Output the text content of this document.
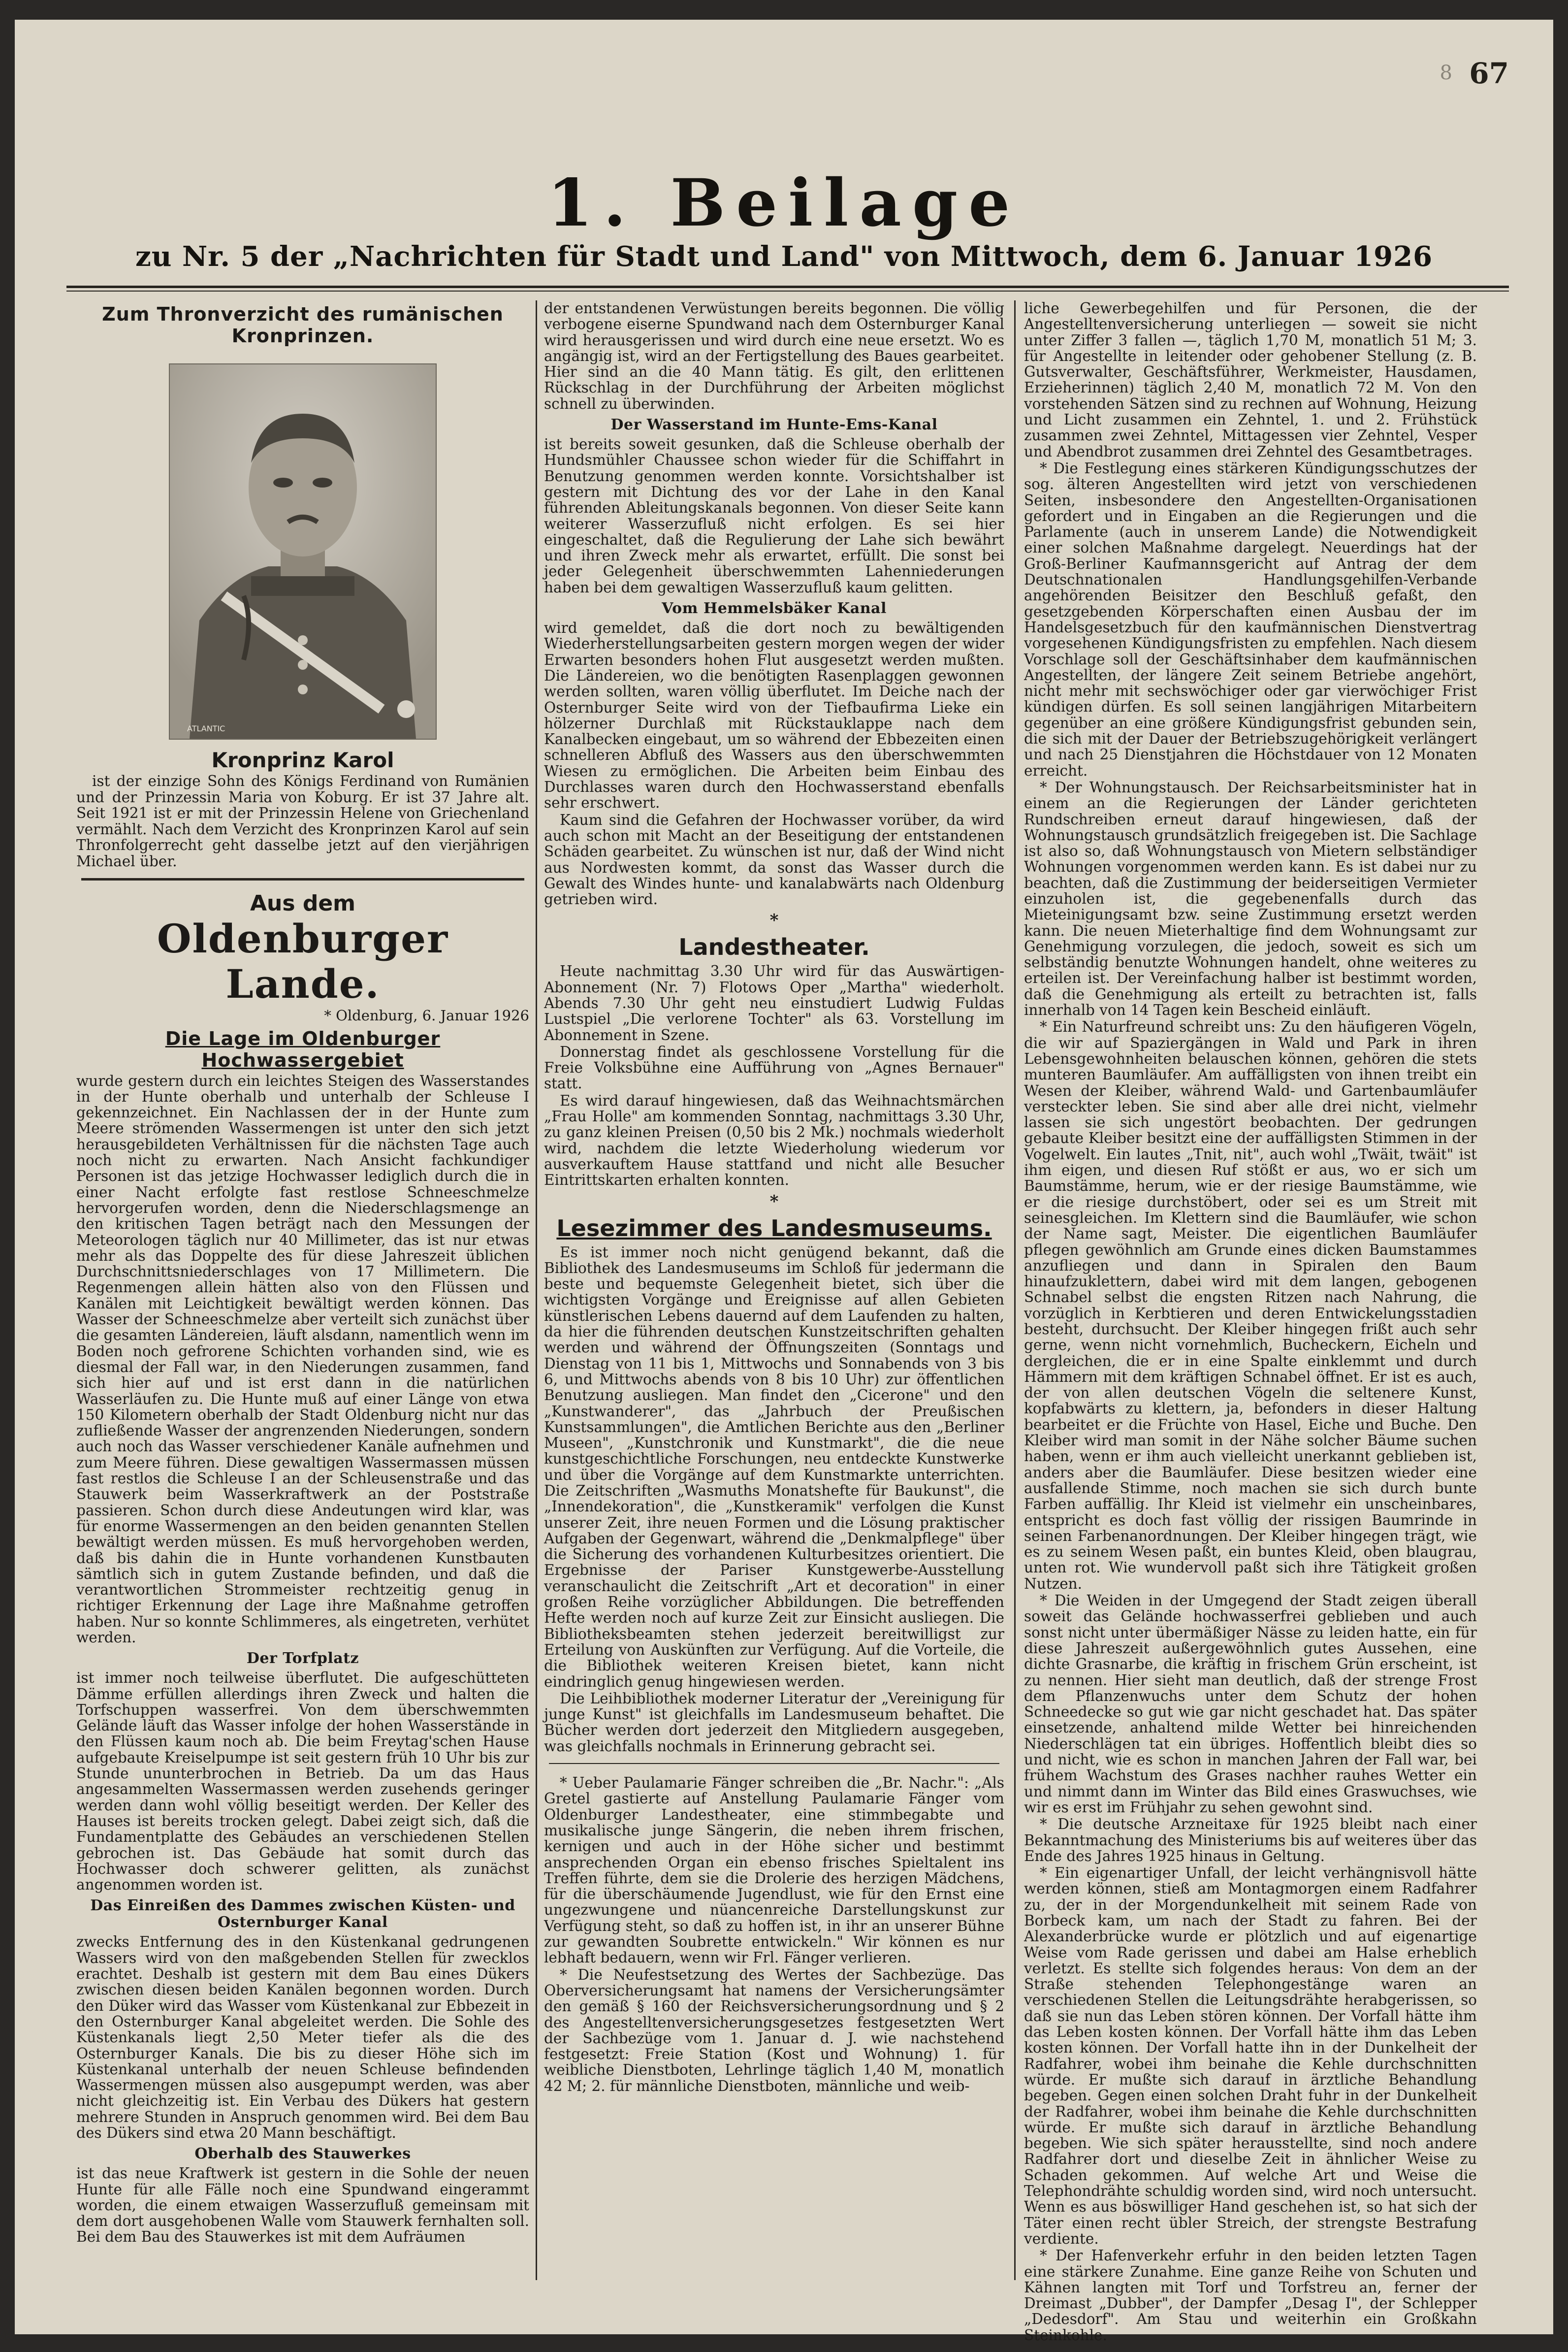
8 67
1. Beilage
zu Nr. 5 der „Nachrichten für Stadt und Land" von Mittwoch, dem 6. Januar 1926
Zum Thronverzicht des rumänischen Kronprinzen.
ATLANTIC
Kronprinz Karol

ist der einzige Sohn des Königs Ferdinand von Rumänien und der Prinzessin Maria von Koburg. Er ist 37 Jahre alt. Seit 1921 ist er mit der Prinzessin Helene von Griechenland vermählt. Nach dem Verzicht des Kronprinzen Karol auf sein Thronfolgerrecht geht dasselbe jetzt auf den vierjährigen Michael über.

Aus dem
Oldenburger Lande.
* Oldenburg, 6. Januar 1926
Die Lage im Oldenburger Hochwassergebiet

wurde gestern durch ein leichtes Steigen des Wasserstandes in der Hunte oberhalb und unterhalb der Schleuse I gekennzeichnet. Ein Nachlassen der in der Hunte zum Meere strömenden Wassermengen ist unter den sich jetzt herausgebildeten Verhältnissen für die nächsten Tage auch noch nicht zu erwarten. Nach Ansicht fachkundiger Personen ist das jetzige Hochwasser lediglich durch die in einer Nacht erfolgte fast restlose Schneeschmelze hervorgerufen worden, denn die Niederschlagsmenge an den kritischen Tagen beträgt nach den Messungen der Meteorologen täglich nur 40 Millimeter, das ist nur etwas mehr als das Doppelte des für diese Jahreszeit üblichen Durchschnittsniederschlages von 17 Millimetern. Die Regenmengen allein hätten also von den Flüssen und Kanälen mit Leichtigkeit bewältigt werden können. Das Wasser der Schneeschmelze aber verteilt sich zunächst über die gesamten Ländereien, läuft alsdann, namentlich wenn im Boden noch gefrorene Schichten vorhanden sind, wie es diesmal der Fall war, in den Niederungen zusammen, fand sich hier auf und ist erst dann in die natürlichen Wasserläufen zu. Die Hunte muß auf einer Länge von etwa 150 Kilometern oberhalb der Stadt Oldenburg nicht nur das zufließende Wasser der angrenzenden Niederungen, sondern auch noch das Wasser verschiedener Kanäle aufnehmen und zum Meere führen. Diese gewaltigen Wassermassen müssen fast restlos die Schleuse I an der Schleusenstraße und das Stauwerk beim Wasserkraftwerk an der Poststraße passieren. Schon durch diese Andeutungen wird klar, was für enorme Wassermengen an den beiden genannten Stellen bewältigt werden müssen. Es muß hervorgehoben werden, daß bis dahin die in Hunte vorhandenen Kunstbauten sämtlich sich in gutem Zustande befinden, und daß die verantwortlichen Strommeister rechtzeitig genug in richtiger Erkennung der Lage ihre Maßnahme getroffen haben. Nur so konnte Schlimmeres, als eingetreten, verhütet werden.

Der Torfplatz

ist immer noch teilweise überflutet. Die aufgeschütteten Dämme erfüllen allerdings ihren Zweck und halten die Torfschuppen wasserfrei. Von dem überschwemmten Gelände läuft das Wasser infolge der hohen Wasserstände in den Flüssen kaum noch ab. Die beim Freytag'schen Hause aufgebaute Kreiselpumpe ist seit gestern früh 10 Uhr bis zur Stunde ununterbrochen in Betrieb. Da um das Haus angesammelten Wassermassen werden zusehends geringer werden dann wohl völlig beseitigt werden. Der Keller des Hauses ist bereits trocken gelegt. Dabei zeigt sich, daß die Fundamentplatte des Gebäudes an verschiedenen Stellen gebrochen ist. Das Gebäude hat somit durch das Hochwasser doch schwerer gelitten, als zunächst angenommen worden ist.

Das Einreißen des Dammes zwischen Küsten- und Osternburger Kanal

zwecks Entfernung des in den Küstenkanal gedrungenen Wassers wird von den maßgebenden Stellen für zwecklos erachtet. Deshalb ist gestern mit dem Bau eines Dükers zwischen diesen beiden Kanälen begonnen worden. Durch den Düker wird das Wasser vom Küstenkanal zur Ebbezeit in den Osternburger Kanal abgeleitet werden. Die Sohle des Küstenkanals liegt 2,50 Meter tiefer als die des Osternburger Kanals. Die bis zu dieser Höhe sich im Küstenkanal unterhalb der neuen Schleuse befindenden Wassermengen müssen also ausgepumpt werden, was aber nicht gleichzeitig ist. Ein Verbau des Dükers hat gestern mehrere Stunden in Anspruch genommen wird. Bei dem Bau des Dükers sind etwa 20 Mann beschäftigt.

Oberhalb des Stauwerkes

ist das neue Kraftwerk ist gestern in die Sohle der neuen Hunte für alle Fälle noch eine Spundwand eingerammt worden, die einem etwaigen Wasserzufluß gemeinsam mit dem dort ausgehobenen Walle vom Stauwerk fernhalten soll. Bei dem Bau des Stauwerkes ist mit dem Aufräumen

der entstandenen Verwüstungen bereits begonnen. Die völlig verbogene eiserne Spundwand nach dem Osternburger Kanal wird herausgerissen und wird durch eine neue ersetzt. Wo es angängig ist, wird an der Fertigstellung des Baues gearbeitet. Hier sind an die 40 Mann tätig. Es gilt, den erlittenen Rückschlag in der Durchführung der Arbeiten möglichst schnell zu überwinden.

Der Wasserstand im Hunte-Ems-Kanal

ist bereits soweit gesunken, daß die Schleuse oberhalb der Hundsmühler Chaussee schon wieder für die Schiffahrt in Benutzung genommen werden konnte. Vorsichtshalber ist gestern mit Dichtung des vor der Lahe in den Kanal führenden Ableitungskanals begonnen. Von dieser Seite kann weiterer Wasserzufluß nicht erfolgen. Es sei hier eingeschaltet, daß die Regulierung der Lahe sich bewährt und ihren Zweck mehr als erwartet, erfüllt. Die sonst bei jeder Gelegenheit überschwemmten Lahenniederungen haben bei dem gewaltigen Wasserzufluß kaum gelitten.

Vom Hemmelsbäker Kanal

wird gemeldet, daß die dort noch zu bewältigenden Wiederherstellungsarbeiten gestern morgen wegen der wider Erwarten besonders hohen Flut ausgesetzt werden mußten. Die Ländereien, wo die benötigten Rasenplaggen gewonnen werden sollten, waren völlig überflutet. Im Deiche nach der Osternburger Seite wird von der Tiefbaufirma Lieke ein hölzerner Durchlaß mit Rückstauklappe nach dem Kanalbecken eingebaut, um so während der Ebbezeiten einen schnelleren Abfluß des Wassers aus den überschwemmten Wiesen zu ermöglichen. Die Arbeiten beim Einbau des Durchlasses waren durch den Hochwasserstand ebenfalls sehr erschwert.

Kaum sind die Gefahren der Hochwasser vorüber, da wird auch schon mit Macht an der Beseitigung der entstandenen Schäden gearbeitet. Zu wünschen ist nur, daß der Wind nicht aus Nordwesten kommt, da sonst das Wasser durch die Gewalt des Windes hunte- und kanalabwärts nach Oldenburg getrieben wird.

*
Landestheater.

Heute nachmittag 3.30 Uhr wird für das Auswärtigen-Abonnement (Nr. 7) Flotows Oper „Martha" wiederholt. Abends 7.30 Uhr geht neu einstudiert Ludwig Fuldas Lustspiel „Die verlorene Tochter" als 63. Vorstellung im Abonnement in Szene.

Donnerstag findet als geschlossene Vorstellung für die Freie Volksbühne eine Aufführung von „Agnes Bernauer" statt.

Es wird darauf hingewiesen, daß das Weihnachtsmärchen „Frau Holle" am kommenden Sonntag, nachmittags 3.30 Uhr, zu ganz kleinen Preisen (0,50 bis 2 Mk.) nochmals wiederholt wird, nachdem die letzte Wiederholung wiederum vor ausverkauftem Hause stattfand und nicht alle Besucher Eintrittskarten erhalten konnten.

*
Lesezimmer des Landesmuseums.

Es ist immer noch nicht genügend bekannt, daß die Bibliothek des Landesmuseums im Schloß für jedermann die beste und bequemste Gelegenheit bietet, sich über die wichtigsten Vorgänge und Ereignisse auf allen Gebieten künstlerischen Lebens dauernd auf dem Laufenden zu halten, da hier die führenden deutschen Kunstzeitschriften gehalten werden und während der Öffnungszeiten (Sonntags und Dienstag von 11 bis 1, Mittwochs und Sonnabends von 3 bis 6, und Mittwochs abends von 8 bis 10 Uhr) zur öffentlichen Benutzung ausliegen. Man findet den „Cicerone" und den „Kunstwanderer", das „Jahrbuch der Preußischen Kunstsammlungen", die Amtlichen Berichte aus den „Berliner Museen", „Kunstchronik und Kunstmarkt", die die neue kunstgeschichtliche Forschungen, neu entdeckte Kunstwerke und über die Vorgänge auf dem Kunstmarkte unterrichten. Die Zeitschriften „Wasmuths Monatshefte für Baukunst", die „Innendekoration", die „Kunstkeramik" verfolgen die Kunst unserer Zeit, ihre neuen Formen und die Lösung praktischer Aufgaben der Gegenwart, während die „Denkmalpflege" über die Sicherung des vorhandenen Kulturbesitzes orientiert. Die Ergebnisse der Pariser Kunstgewerbe-Ausstellung veranschaulicht die Zeitschrift „Art et decoration" in einer großen Reihe vorzüglicher Abbildungen. Die betreffenden Hefte werden noch auf kurze Zeit zur Einsicht ausliegen. Die Bibliotheksbeamten stehen jederzeit bereitwilligst zur Erteilung von Auskünften zur Verfügung. Auf die Vorteile, die die Bibliothek weiteren Kreisen bietet, kann nicht eindringlich genug hingewiesen werden.

Die Leihbibliothek moderner Literatur der „Vereinigung für junge Kunst" ist gleichfalls im Landesmuseum behaftet. Die Bücher werden dort jederzeit den Mitgliedern ausgegeben, was gleichfalls nochmals in Erinnerung gebracht sei.

* Ueber Paulamarie Fänger schreiben die „Br. Nachr.": „Als Gretel gastierte auf Anstellung Paulamarie Fänger vom Oldenburger Landestheater, eine stimmbegabte und musikalische junge Sängerin, die neben ihrem frischen, kernigen und auch in der Höhe sicher und bestimmt ansprechenden Organ ein ebenso frisches Spieltalent ins Treffen führte, dem sie die Drolerie des herzigen Mädchens, für die überschäumende Jugendlust, wie für den Ernst eine ungezwungene und nüancenreiche Darstellungskunst zur Verfügung steht, so daß zu hoffen ist, in ihr an unserer Bühne zur gewandten Soubrette entwickeln." Wir können es nur lebhaft bedauern, wenn wir Frl. Fänger verlieren.

* Die Neufestsetzung des Wertes der Sachbezüge. Das Oberversicherungsamt hat namens der Versicherungsämter den gemäß § 160 der Reichsversicherungsordnung und § 2 des Angestelltenversicherungsgesetzes festgesetzten Wert der Sachbezüge vom 1. Januar d. J. wie nachstehend festgesetzt: Freie Station (Kost und Wohnung) 1. für weibliche Dienstboten, Lehrlinge täglich 1,40 M, monatlich 42 M; 2. für männliche Dienstboten, männliche und weib-

liche Gewerbegehilfen und für Personen, die der Angestelltenversicherung unterliegen — soweit sie nicht unter Ziffer 3 fallen —, täglich 1,70 M, monatlich 51 M; 3. für Angestellte in leitender oder gehobener Stellung (z. B. Gutsverwalter, Geschäftsführer, Werkmeister, Hausdamen, Erzieherinnen) täglich 2,40 M, monatlich 72 M. Von den vorstehenden Sätzen sind zu rechnen auf Wohnung, Heizung und Licht zusammen ein Zehntel, 1. und 2. Frühstück zusammen zwei Zehntel, Mittagessen vier Zehntel, Vesper und Abendbrot zusammen drei Zehntel des Gesamtbetrages.

* Die Festlegung eines stärkeren Kündigungsschutzes der sog. älteren Angestellten wird jetzt von verschiedenen Seiten, insbesondere den Angestellten-Organisationen gefordert und in Eingaben an die Regierungen und die Parlamente (auch in unserem Lande) die Notwendigkeit einer solchen Maßnahme dargelegt. Neuerdings hat der Groß-Berliner Kaufmannsgericht auf Antrag der dem Deutschnationalen Handlungsgehilfen-Verbande angehörenden Beisitzer den Beschluß gefaßt, den gesetzgebenden Körperschaften einen Ausbau der im Handelsgesetzbuch für den kaufmännischen Dienstvertrag vorgesehenen Kündigungsfristen zu empfehlen. Nach diesem Vorschlage soll der Geschäftsinhaber dem kaufmännischen Angestellten, der längere Zeit seinem Betriebe angehört, nicht mehr mit sechswöchiger oder gar vierwöchiger Frist kündigen dürfen. Es soll seinen langjährigen Mitarbeitern gegenüber an eine größere Kündigungsfrist gebunden sein, die sich mit der Dauer der Betriebszugehörigkeit verlängert und nach 25 Dienstjahren die Höchstdauer von 12 Monaten erreicht.

* Der Wohnungstausch. Der Reichsarbeitsminister hat in einem an die Regierungen der Länder gerichteten Rundschreiben erneut darauf hingewiesen, daß der Wohnungstausch grundsätzlich freigegeben ist. Die Sachlage ist also so, daß Wohnungstausch von Mietern selbständiger Wohnungen vorgenommen werden kann. Es ist dabei nur zu beachten, daß die Zustimmung der beiderseitigen Vermieter einzuholen ist, die gegebenenfalls durch das Mieteinigungsamt bzw. seine Zustimmung ersetzt werden kann. Die neuen Mieterhaltige find dem Wohnungsamt zur Genehmigung vorzulegen, die jedoch, soweit es sich um selbständig benutzte Wohnungen handelt, ohne weiteres zu erteilen ist. Der Vereinfachung halber ist bestimmt worden, daß die Genehmigung als erteilt zu betrachten ist, falls innerhalb von 14 Tagen kein Bescheid einläuft.

* Ein Naturfreund schreibt uns: Zu den häufigeren Vögeln, die wir auf Spaziergängen in Wald und Park in ihren Lebensgewohnheiten belauschen können, gehören die stets munteren Baumläufer. Am auffälligsten von ihnen treibt ein Wesen der Kleiber, während Wald- und Gartenbaumläufer versteckter leben. Sie sind aber alle drei nicht, vielmehr lassen sie sich ungestört beobachten. Der gedrungen gebaute Kleiber besitzt eine der auffälligsten Stimmen in der Vogelwelt. Ein lautes „Tnit, nit", auch wohl „Twäit, twäit" ist ihm eigen, und diesen Ruf stößt er aus, wo er sich um Baumstämme, herum, wie er der riesige Baumstämme, wie er die riesige durchstöbert, oder sei es um Streit mit seinesgleichen. Im Klettern sind die Baumläufer, wie schon der Name sagt, Meister. Die eigentlichen Baumläufer pflegen gewöhnlich am Grunde eines dicken Baumstammes anzufliegen und dann in Spiralen den Baum hinaufzuklettern, dabei wird mit dem langen, gebogenen Schnabel selbst die engsten Ritzen nach Nahrung, die vorzüglich in Kerbtieren und deren Entwickelungsstadien besteht, durchsucht. Der Kleiber hingegen frißt auch sehr gerne, wenn nicht vornehmlich, Bucheckern, Eicheln und dergleichen, die er in eine Spalte einklemmt und durch Hämmern mit dem kräftigen Schnabel öffnet. Er ist es auch, der von allen deutschen Vögeln die seltenere Kunst, kopfabwärts zu klettern, ja, befonders in dieser Haltung bearbeitet er die Früchte von Hasel, Eiche und Buche. Den Kleiber wird man somit in der Nähe solcher Bäume suchen haben, wenn er ihm auch vielleicht unerkannt geblieben ist, anders aber die Baumläufer. Diese besitzen wieder eine ausfallende Stimme, noch machen sie sich durch bunte Farben auffällig. Ihr Kleid ist vielmehr ein unscheinbares, entspricht es doch fast völlig der rissigen Baumrinde in seinen Farbenanordnungen. Der Kleiber hingegen trägt, wie es zu seinem Wesen paßt, ein buntes Kleid, oben blaugrau, unten rot. Wie wundervoll paßt sich ihre Tätigkeit großen Nutzen.

* Die Weiden in der Umgegend der Stadt zeigen überall soweit das Gelände hochwasserfrei geblieben und auch sonst nicht unter übermäßiger Nässe zu leiden hatte, ein für diese Jahreszeit außergewöhnlich gutes Aussehen, eine dichte Grasnarbe, die kräftig in frischem Grün erscheint, ist zu nennen. Hier sieht man deutlich, daß der strenge Frost dem Pflanzenwuchs unter dem Schutz der hohen Schneedecke so gut wie gar nicht geschadet hat. Das später einsetzende, anhaltend milde Wetter bei hinreichenden Niederschlägen tat ein übriges. Hoffentlich bleibt dies so und nicht, wie es schon in manchen Jahren der Fall war, bei frühem Wachstum des Grases nachher rauhes Wetter ein und nimmt dann im Winter das Bild eines Graswuchses, wie wir es erst im Frühjahr zu sehen gewohnt sind.

* Die deutsche Arzneitaxe für 1925 bleibt nach einer Bekanntmachung des Ministeriums bis auf weiteres über das Ende des Jahres 1925 hinaus in Geltung.

* Ein eigenartiger Unfall, der leicht verhängnisvoll hätte werden können, stieß am Montagmorgen einem Radfahrer zu, der in der Morgendunkelheit mit seinem Rade von Borbeck kam, um nach der Stadt zu fahren. Bei der Alexanderbrücke wurde er plötzlich und auf eigenartige Weise vom Rade gerissen und dabei am Halse erheblich verletzt. Es stellte sich folgendes heraus: Von dem an der Straße stehenden Telephongestänge waren an verschiedenen Stellen die Leitungsdrähte herabgerissen, so daß sie nun das Leben stören können. Der Vorfall hätte ihm das Leben kosten können. Der Vorfall hätte ihm das Leben kosten können. Der Vorfall hatte ihn in der Dunkelheit der Radfahrer, wobei ihm beinahe die Kehle durchschnitten würde. Er mußte sich darauf in ärztliche Behandlung begeben. Gegen einen solchen Draht fuhr in der Dunkelheit der Radfahrer, wobei ihm beinahe die Kehle durchschnitten würde. Er mußte sich darauf in ärztliche Behandlung begeben. Wie sich später herausstellte, sind noch andere Radfahrer dort und dieselbe Zeit in ähnlicher Weise zu Schaden gekommen. Auf welche Art und Weise die Telephondrähte schuldig worden sind, wird noch untersucht. Wenn es aus böswilliger Hand geschehen ist, so hat sich der Täter einen recht übler Streich, der strengste Bestrafung verdiente.

* Der Hafenverkehr erfuhr in den beiden letzten Tagen eine stärkere Zunahme. Eine ganze Reihe von Schuten und Kähnen langten mit Torf und Torfstreu an, ferner der Dreimast „Dubber", der Dampfer „Desag I", der Schlepper „Dedesdorf". Am Stau und weiterhin ein Großkahn Steinkohle.
